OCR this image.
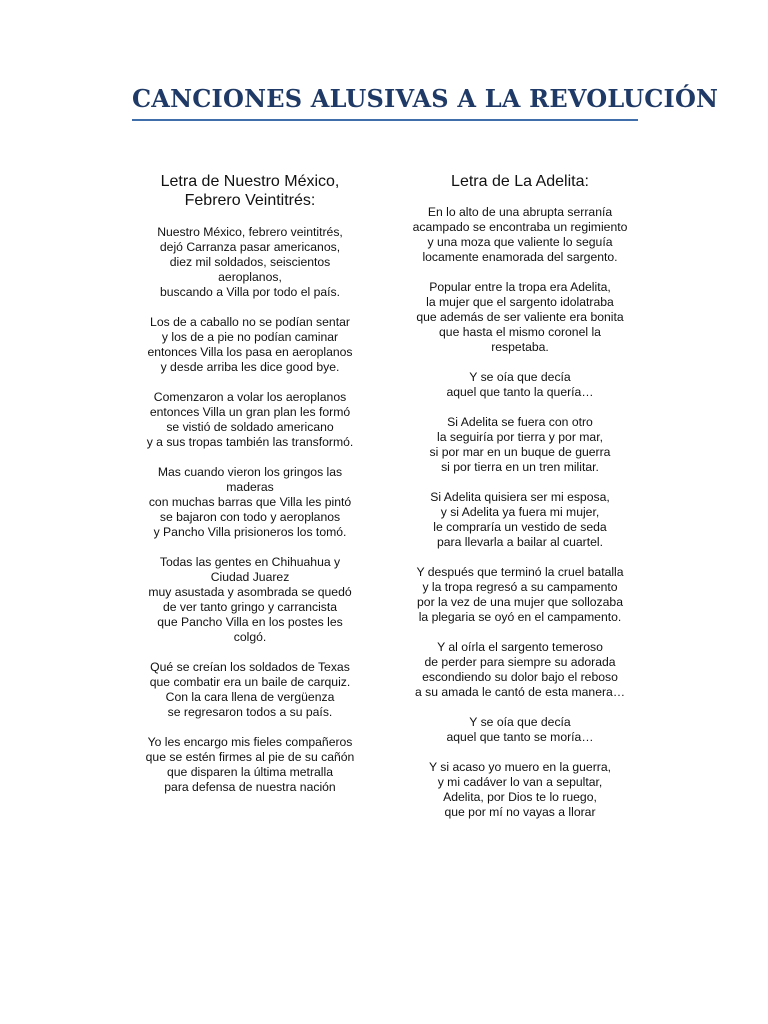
CANCIONES ALUSIVAS A LA REVOLUCIÓN
Letra de Nuestro México,
Febrero Veintitrés:
Nuestro México, febrero veintitrés,
dejó Carranza pasar americanos,
diez mil soldados, seiscientos
aeroplanos,
buscando a Villa por todo el país.
Los de a caballo no se podían sentar
y los de a pie no podían caminar
entonces Villa los pasa en aeroplanos
y desde arriba les dice good bye.
Comenzaron a volar los aeroplanos
entonces Villa un gran plan les formó
se vistió de soldado americano
y a sus tropas también las transformó.
Mas cuando vieron los gringos las
maderas
con muchas barras que Villa les pintó
se bajaron con todo y aeroplanos
y Pancho Villa prisioneros los tomó.
Todas las gentes en Chihuahua y
Ciudad Juarez
muy asustada y asombrada se quedó
de ver tanto gringo y carrancista
que Pancho Villa en los postes les
colgó.
Qué se creían los soldados de Texas
que combatir era un baile de carquiz.
Con la cara llena de vergüenza
se regresaron todos a su país.
Yo les encargo mis fieles compañeros
que se estén firmes al pie de su cañón
que disparen la última metralla
para defensa de nuestra nación
Letra de La Adelita:
En lo alto de una abrupta serranía
acampado se encontraba un regimiento
y una moza que valiente lo seguía
locamente enamorada del sargento.
Popular entre la tropa era Adelita,
la mujer que el sargento idolatraba
que además de ser valiente era bonita
que hasta el mismo coronel la
respetaba.
Y se oía que decía
aquel que tanto la quería…
Si Adelita se fuera con otro
la seguiría por tierra y por mar,
si por mar en un buque de guerra
si por tierra en un tren militar.
Si Adelita quisiera ser mi esposa,
y si Adelita ya fuera mi mujer,
le compraría un vestido de seda
para llevarla a bailar al cuartel.
Y después que terminó la cruel batalla
y la tropa regresó a su campamento
por la vez de una mujer que sollozaba
la plegaria se oyó en el campamento.
Y al oírla el sargento temeroso
de perder para siempre su adorada
escondiendo su dolor bajo el reboso
a su amada le cantó de esta manera…
Y se oía que decía
aquel que tanto se moría…
Y si acaso yo muero en la guerra,
y mi cadáver lo van a sepultar,
Adelita, por Dios te lo ruego,
que por mí no vayas a llorar
